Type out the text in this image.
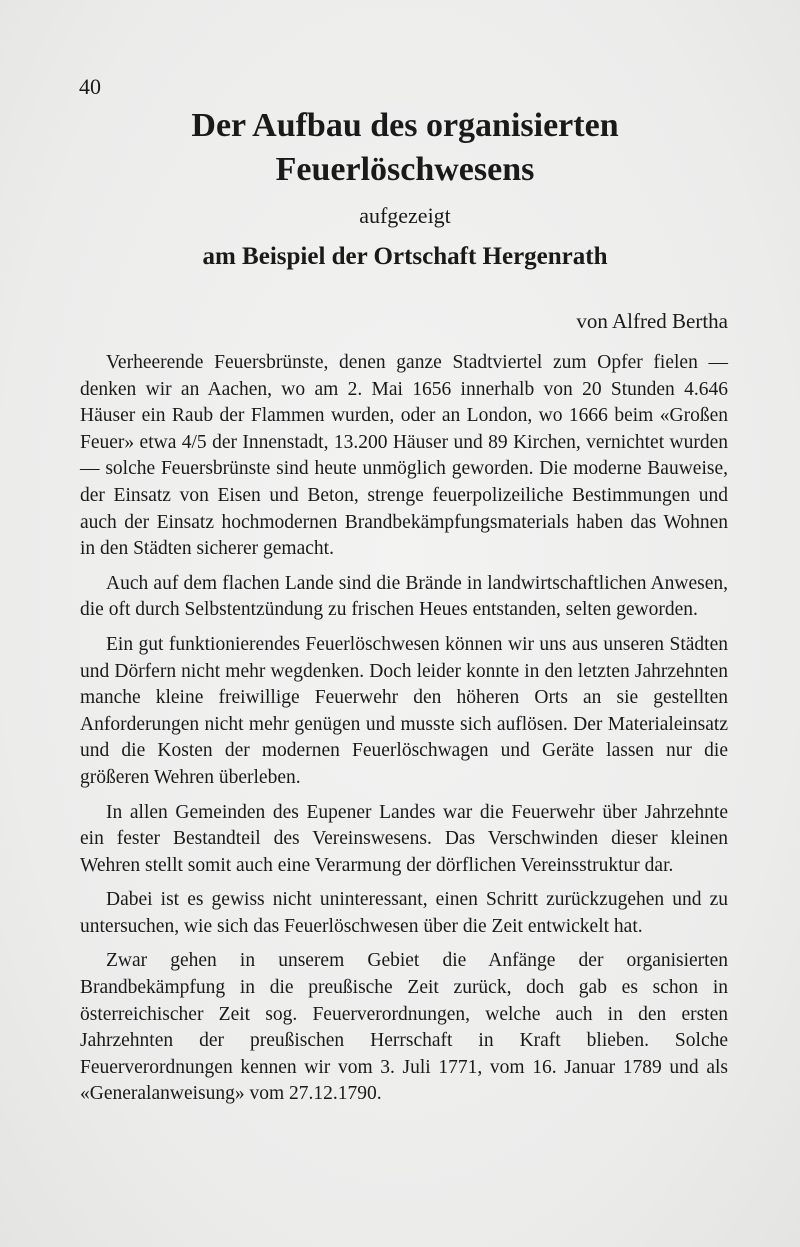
40
Der Aufbau des organisierten
Feuerlöschwesens
aufgezeigt
am Beispiel der Ortschaft Hergenrath
von Alfred Bertha

Verheerende Feuersbrünste, denen ganze Stadtviertel zum Opfer fielen — denken wir an Aachen, wo am 2. Mai 1656 innerhalb von 20 Stunden 4.646 Häuser ein Raub der Flammen wurden, oder an London, wo 1666 beim «Großen Feuer» etwa 4/5 der Innenstadt, 13.200 Häuser und 89 Kirchen, vernichtet wurden — solche Feuersbrünste sind heute unmöglich geworden. Die moderne Bauweise, der Einsatz von Eisen und Beton, strenge feuerpolizeiliche Bestimmungen und auch der Einsatz hochmodernen Brandbekämpfungsmaterials haben das Wohnen in den Städten sicherer gemacht.

Auch auf dem flachen Lande sind die Brände in landwirtschaftlichen Anwesen, die oft durch Selbstentzündung zu frischen Heues entstanden, selten geworden.

Ein gut funktionierendes Feuerlöschwesen können wir uns aus unseren Städten und Dörfern nicht mehr wegdenken. Doch leider konnte in den letzten Jahrzehnten manche kleine freiwillige Feuerwehr den höheren Orts an sie gestellten Anforderungen nicht mehr genügen und musste sich auflösen. Der Materialeinsatz und die Kosten der modernen Feuerlöschwagen und Geräte lassen nur die größeren Wehren überleben.

In allen Gemeinden des Eupener Landes war die Feuerwehr über Jahrzehnte ein fester Bestandteil des Vereinswesens. Das Verschwinden dieser kleinen Wehren stellt somit auch eine Verarmung der dörflichen Vereinsstruktur dar.

Dabei ist es gewiss nicht uninteressant, einen Schritt zurückzugehen und zu untersuchen, wie sich das Feuerlöschwesen über die Zeit entwickelt hat.

Zwar gehen in unserem Gebiet die Anfänge der organisierten Brandbekämpfung in die preußische Zeit zurück, doch gab es schon in österreichischer Zeit sog. Feuerverordnungen, welche auch in den ersten Jahrzehnten der preußischen Herrschaft in Kraft blieben. Solche Feuerverordnungen kennen wir vom 3. Juli 1771, vom 16. Januar 1789 und als «Generalanweisung» vom 27.12.1790.
